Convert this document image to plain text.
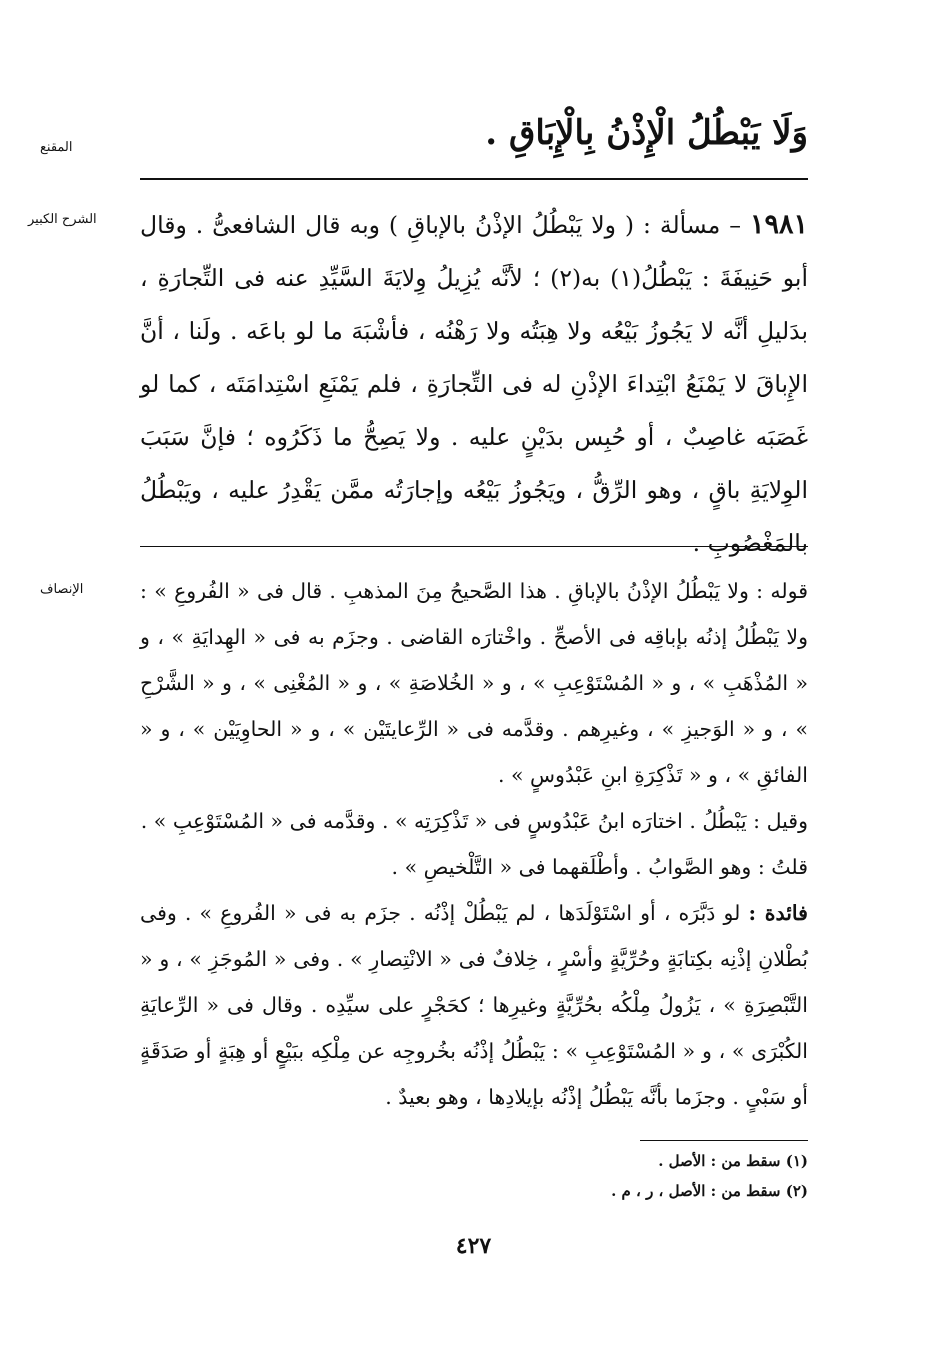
المقنع
الشرح الكبير
الإنصاف
وَلَا يَبْطُلُ الْإِذْنُ بِالْإِبَاقِ .

١٩٨١ – مسألة : ( ولا يَبْطُلُ الإذْنُ بالإباقِ ) وبه قال الشافعىُّ . وقال أبو حَنِيفَةَ : يَبْطُلُ(١) به(٢) ؛ لأنَّه يُزِيلُ وِلايَةَ السَّيِّدِ عنه فى التِّجارَةِ ، بدَليلِ أنَّه لا يَجُوزُ بَيْعُه ولا هِبَتُه ولا رَهْنُه ، فأشْبَهَ ما لو باعَه . ولَنا ، أنَّ الإِباقَ لا يَمْنَعُ ابْتِداءَ الإذْنِ له فى التِّجارَةِ ، فلم يَمْنَعِ اسْتِدامَتَه ، كما لو غَصَبَه غاصِبٌ ، أو حُبِس بدَيْنٍ عليه . ولا يَصِحُّ ما ذَكَرُوه ؛ فإنَّ سَبَبَ الوِلايَةِ باقٍ ، وهو الرِّقُّ ، ويَجُوزُ بَيْعُه وإجارَتُه ممَّن يَقْدِرُ عليه ، ويَبْطُلُ بالمَغْصُوبِ .

قوله : ولا يَبْطُلُ الإذْنُ بالإباقِ . هذا الصَّحيحُ مِنَ المذهبِ . قال فى « الفُروعِ » : ولا يَبْطُلُ إذنُه بإباقِه فى الأصحِّ . واخْتارَه القاضى . وجزَم به فى « الهِدايَةِ » ، و « المُذْهَبِ » ، و « المُسْتَوْعِبِ » ، و « الخُلاصَةِ » ، و « المُغْنِى » ، و « الشَّرْحِ » ، و « الوَجيزِ » ، وغيرِهم . وقدَّمه فى « الرِّعايتَيْن » ، و « الحاوِيَيْن » ، و « الفائقِ » ، و « تَذْكِرَةِ ابنِ عَبْدُوسٍ » .

وقيل : يَبْطُلُ . اختارَه ابنُ عَبْدُوسٍ فى « تَذْكِرَتِه » . وقدَّمه فى « المُسْتَوْعِبِ » .

قلتُ : وهو الصَّوابُ . وأطْلَقهما فى « التَّلْخيصِ » .

فائدة : لو دَبَّرَه ، أو اسْتَوْلَدَها ، لم يَبْطُلْ إذْنُه . جزَم به فى « الفُروعِ » . وفى بُطْلانِ إذْنِه بكِتابَةٍ وحُرِّيَّةٍ وأسْرٍ ، خِلافٌ فى « الانْتِصارِ » . وفى « المُوجَزِ » ، و « التَّبْصِرَةِ » ، يَزُولُ مِلْكُه بحُرِّيَّةٍ وغيرِها ؛ كحَجْرٍ على سيِّدِه . وقال فى « الرِّعايَةِ الكُبْرَى » ، و « المُسْتَوْعِبِ » : يَبْطُلُ إذْنُه بخُروجِه عن مِلْكِه ببَيْعٍ أو هِبَةٍ أو صَدَقَةٍ أو سَبْىٍ . وجزَما بأنَّه يَبْطُلُ إذْنُه بإيلادِها ، وهو بعيدٌ .

(١) سقط من : الأصل .

(٢) سقط من : الأصل ، ر ، م .

٤٢٧
